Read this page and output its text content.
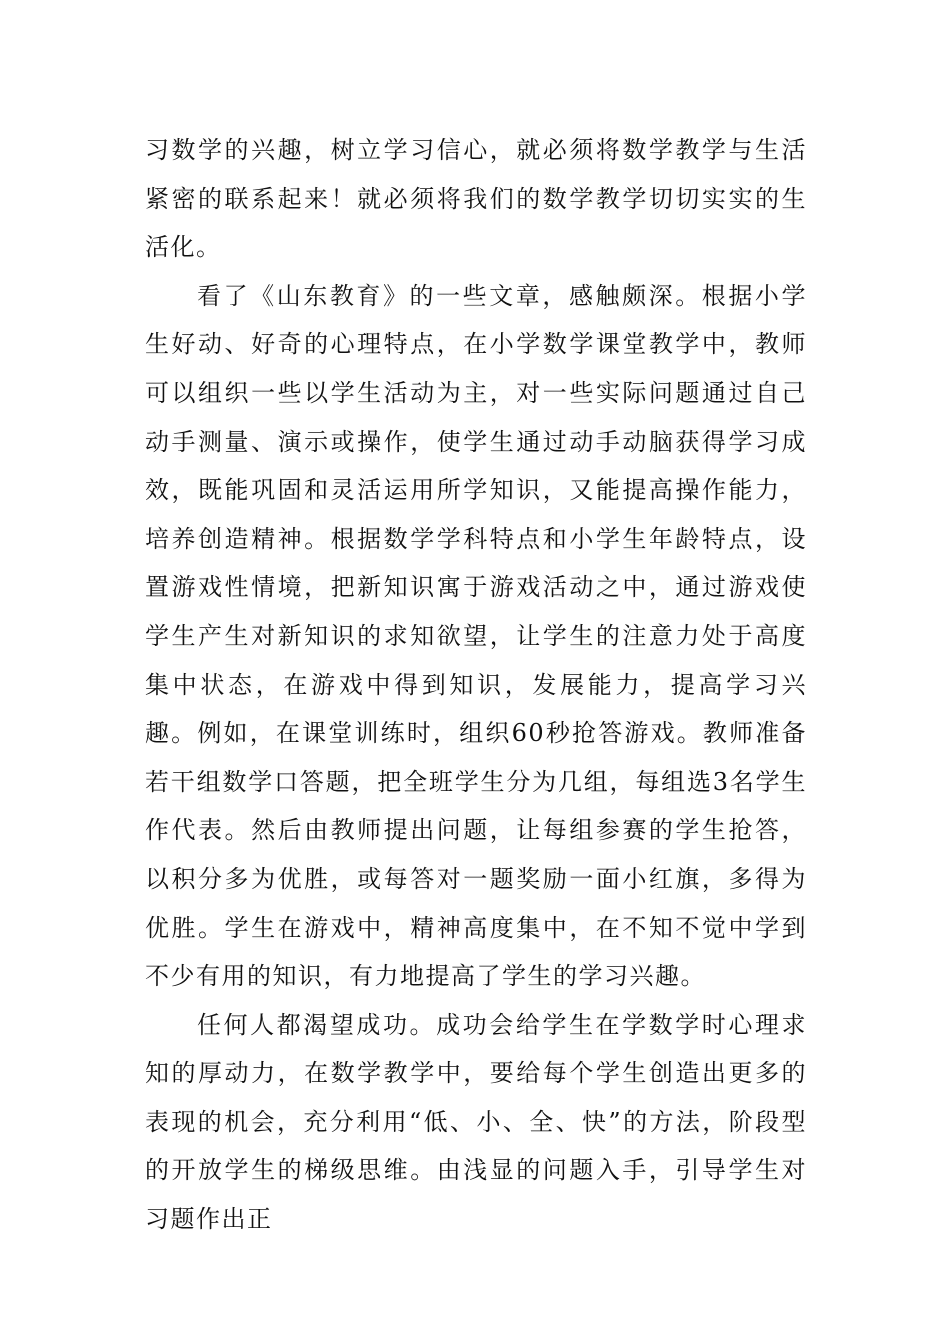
习数学的兴趣，树立学习信心，就必须将数学教学与生活紧密的联系起来！就必须将我们的数学教学切切实实的生活化。

看了《山东教育》的一些文章，感触颇深。根据小学生好动、好奇的心理特点，在小学数学课堂教学中，教师可以组织一些以学生活动为主，对一些实际问题通过自己动手测量、演示或操作，使学生通过动手动脑获得学习成效，既能巩固和灵活运用所学知识，又能提高操作能力，培养创造精神。根据数学学科特点和小学生年龄特点，设置游戏性情境，把新知识寓于游戏活动之中，通过游戏使学生产生对新知识的求知欲望，让学生的注意力处于高度集中状态，在游戏中得到知识，发展能力，提高学习兴趣。例如，在课堂训练时，组织60秒抢答游戏。教师准备若干组数学口答题，把全班学生分为几组，每组选3名学生作代表。然后由教师提出问题，让每组参赛的学生抢答，以积分多为优胜，或每答对一题奖励一面小红旗，多得为优胜。学生在游戏中，精神高度集中，在不知不觉中学到不少有用的知识，有力地提高了学生的学习兴趣。

任何人都渴望成功。成功会给学生在学数学时心理求知的厚动力，在数学教学中，要给每个学生创造出更多的表现的机会，充分利用“低、小、全、快”的方法，阶段型的开放学生的梯级思维。由浅显的问题入手，引导学生对习题作出正
